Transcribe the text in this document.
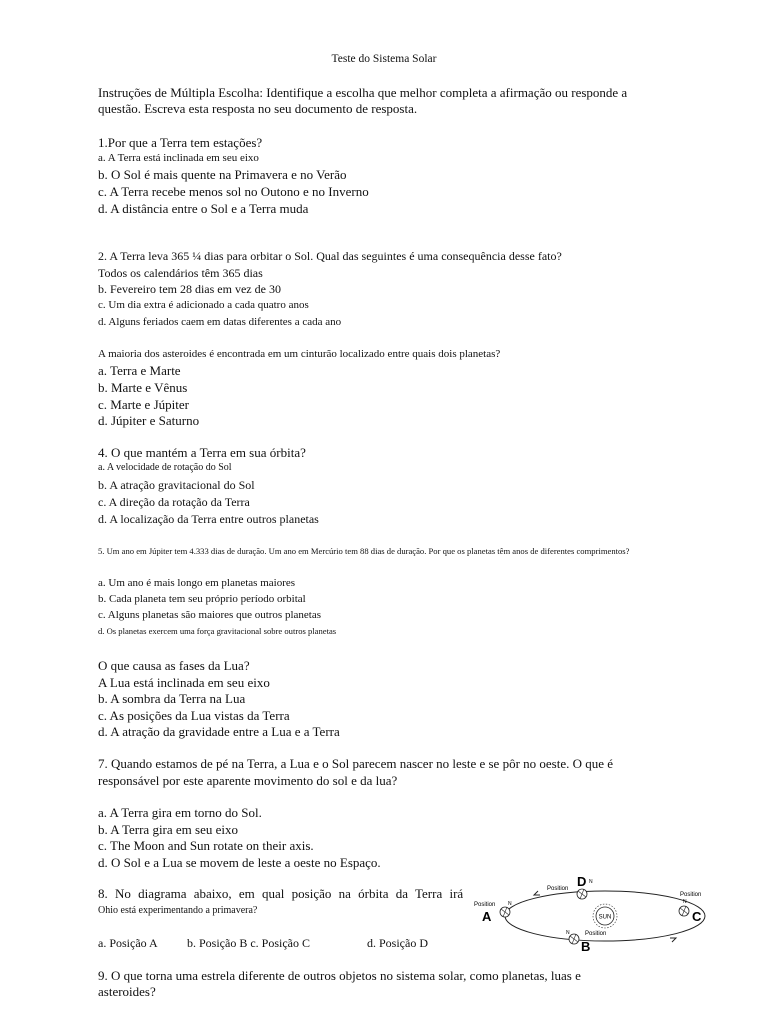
Teste do Sistema Solar
Instruções de Múltipla Escolha: Identifique a escolha que melhor completa a afirmação ou responde a questão. Escreva esta resposta no seu documento de resposta.
1.Por que a Terra tem estações?
a. A Terra está inclinada em seu eixo
b. O Sol é mais quente na Primavera e no Verão
c. A Terra recebe menos sol no Outono e no Inverno
d. A distância entre o Sol e a Terra muda
2. A Terra leva 365 ¼ dias para orbitar o Sol. Qual das seguintes é uma consequência desse fato?
Todos os calendários têm 365 dias
b. Fevereiro tem 28 dias em vez de 30
c. Um dia extra é adicionado a cada quatro anos
d. Alguns feriados caem em datas diferentes a cada ano
A maioria dos asteroides é encontrada em um cinturão localizado entre quais dois planetas?
a. Terra e Marte
b. Marte e Vênus
c. Marte e Júpiter
d. Júpiter e Saturno
4. O que mantém a Terra em sua órbita?
a. A velocidade de rotação do Sol
b. A atração gravitacional do Sol
c. A direção da rotação da Terra
d. A localização da Terra entre outros planetas
5. Um ano em Júpiter tem 4.333 dias de duração. Um ano em Mercúrio tem 88 dias de duração. Por que os planetas têm anos de diferentes comprimentos?
a. Um ano é mais longo em planetas maiores
b. Cada planeta tem seu próprio período orbital
c. Alguns planetas são maiores que outros planetas
d. Os planetas exercem uma força gravitacional sobre outros planetas
O que causa as fases da Lua?
A Lua está inclinada em seu eixo
b. A sombra da Terra na Lua
c. As posições da Lua vistas da Terra
d. A atração da gravidade entre a Lua e a Terra
7. Quando estamos de pé na Terra, a Lua e o Sol parecem nascer no leste e se pôr no oeste. O que é responsável por este aparente movimento do sol e da lua?
a. A Terra gira em torno do Sol.
b. A Terra gira em seu eixo
c. The Moon and Sun rotate on their axis.
d. O Sol e a Lua se movem de leste a oeste no Espaço.
8. No diagrama abaixo, em qual posição na órbita da Terra irá
Ohio está experimentando a primavera?
SUN
Position D N
Position
A
N
N	Position
B
N
Position
C
a. Posição A b. Posição B c. Posição C	d. Posição D
9. O que torna uma estrela diferente de outros objetos no sistema solar, como planetas, luas e asteroides?
